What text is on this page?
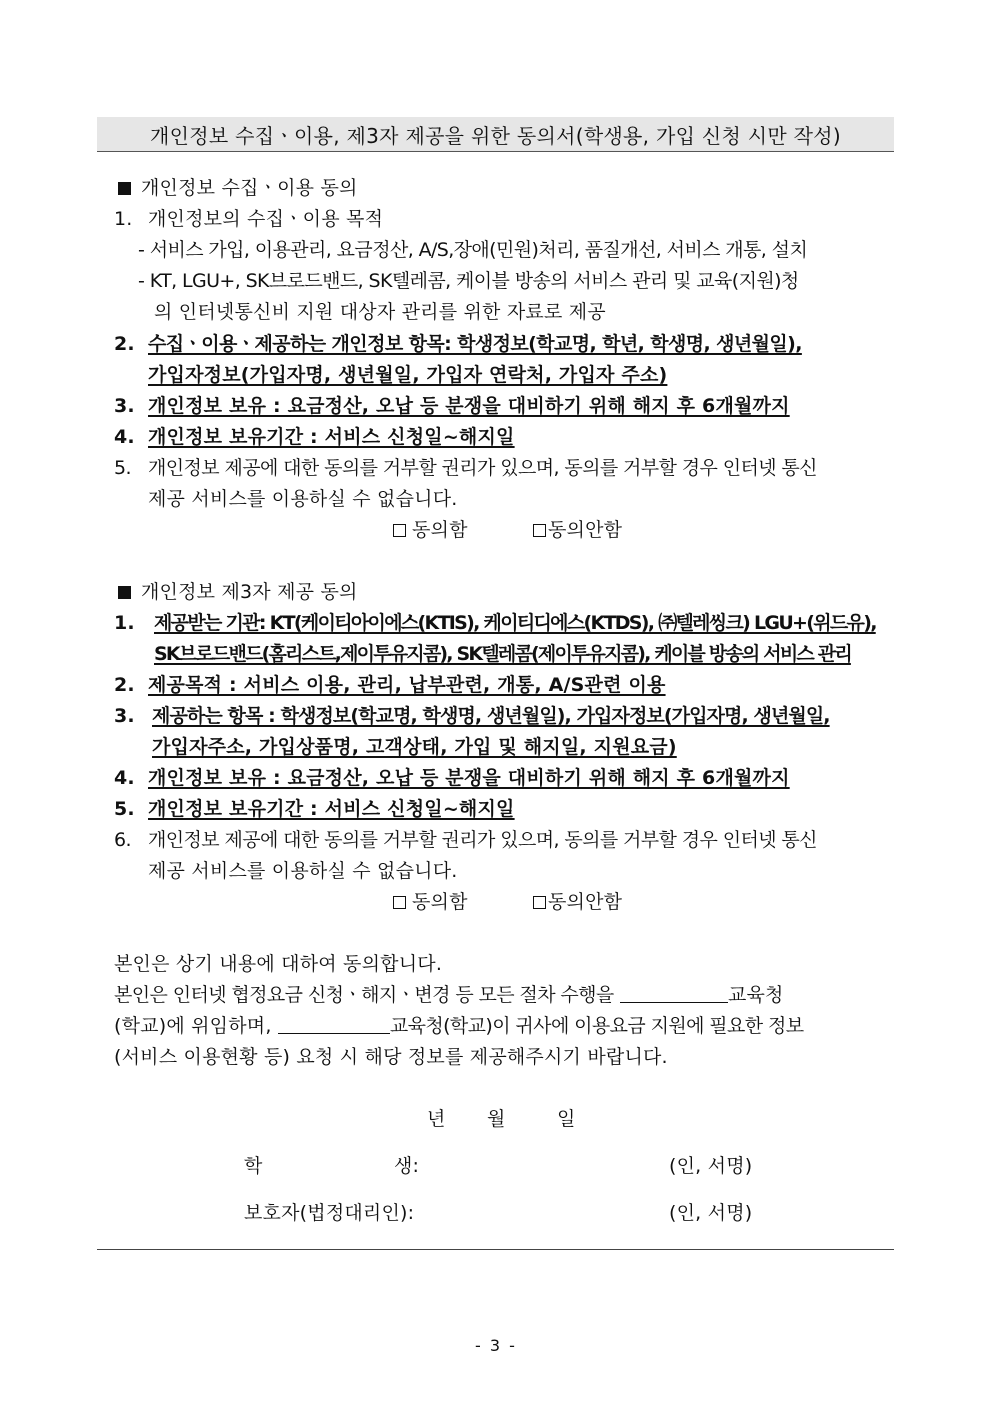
개인정보 수집ㆍ이용, 제3자 제공을 위한 동의서(학생용, 가입 신청 시만 작성)
개인정보 수집ㆍ이용 동의
1. 개인정보의 수집ㆍ이용 목적
- 서비스 가입, 이용관리, 요금정산, A/S,장애(민원)처리, 품질개선, 서비스 개통, 설치
- KT, LGU+, SK브로드밴드, SK텔레콤, 케이블 방송의 서비스 관리 및 교육(지원)청
의 인터넷통신비 지원 대상자 관리를 위한 자료로 제공
2. 수집ㆍ이용ㆍ제공하는 개인정보 항목: 학생정보(학교명, 학년, 학생명, 생년월일),
가입자정보(가입자명, 생년월일, 가입자 연락처, 가입자 주소)
3. 개인정보 보유 : 요금정산, 오납 등 분쟁을 대비하기 위해 해지 후 6개월까지
4. 개인정보 보유기간 : 서비스 신청일~해지일
5. 개인정보 제공에 대한 동의를 거부할 권리가 있으며, 동의를 거부할 경우 인터넷 통신
제공 서비스를 이용하실 수 없습니다.
동의함	동의안함
개인정보 제3자 제공 동의
1. 제공받는 기관: KT(케이티아이에스(KTIS), 케이티디에스(KTDS), ㈜텔레씽크) LGU+(위드유),
SK브로드밴드(홈리스트,제이투유지콤), SK텔레콤(제이투유지콤), 케이블 방송의 서비스 관리
2. 제공목적 : 서비스 이용, 관리, 납부관련, 개통, A/S관련 이용
3. 제공하는 항목 : 학생정보(학교명, 학생명, 생년월일), 가입자정보(가입자명, 생년월일,
가입자주소, 가입상품명, 고객상태, 가입 및 해지일, 지원요금)
4. 개인정보 보유 : 요금정산, 오납 등 분쟁을 대비하기 위해 해지 후 6개월까지
5. 개인정보 보유기간 : 서비스 신청일~해지일
6. 개인정보 제공에 대한 동의를 거부할 권리가 있으며, 동의를 거부할 경우 인터넷 통신
제공 서비스를 이용하실 수 없습니다.
동의함	동의안함
본인은 상기 내용에 대하여 동의합니다.
본인은 인터넷 협정요금 신청ㆍ해지ㆍ변경 등 모든 절차 수행을	교육청
(학교)에 위임하며,	교육청(학교)이 귀사에 이용요금 지원에 필요한 정보
(서비스 이용현황 등) 요청 시 해당 정보를 제공해주시기 바랍니다.
년 월	일
학	생:	(인, 서명)
보호자(법정대리인):	(인, 서명)
- 3 -
